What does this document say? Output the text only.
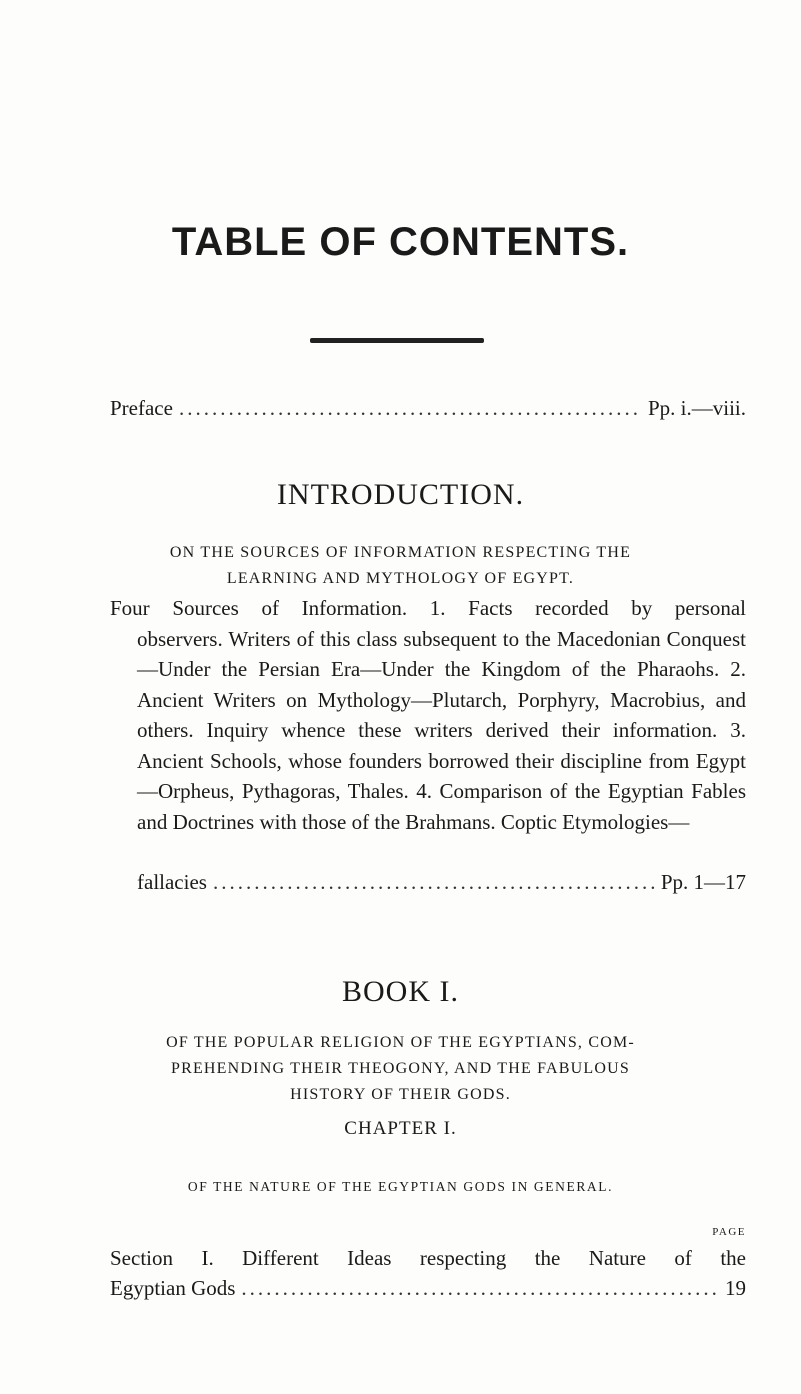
TABLE OF CONTENTS.
Preface .....	Pp. i.—viii.
INTRODUCTION.
ON THE SOURCES OF INFORMATION RESPECTING THE
LEARNING AND MYTHOLOGY OF EGYPT.

Four Sources of Information. 1. Facts recorded by personal
observers. Writers of this class subsequent to the Macedonian Conquest—Under the Persian Era—Under the Kingdom of the Pharaohs. 2. Ancient Writers on Mythology—Plutarch, Porphyry, Macrobius, and others. Inquiry whence these writers derived their information. 3. Ancient Schools, whose founders borrowed their discipline from Egypt—Orpheus, Pythagoras, Thales. 4. Comparison of the Egyptian Fables and Doctrines with those of the Brahmans. Coptic Etymologies—

fallacies .....	Pp. 1—17
BOOK I.
OF THE POPULAR RELIGION OF THE EGYPTIANS, COM-
PREHENDING THEIR THEOGONY, AND THE FABULOUS
HISTORY OF THEIR GODS.
CHAPTER I.
OF THE NATURE OF THE EGYPTIAN GODS IN GENERAL.
PAGE

Section I. Different Ideas respecting the Nature of the

Egyptian Gods .....	19
